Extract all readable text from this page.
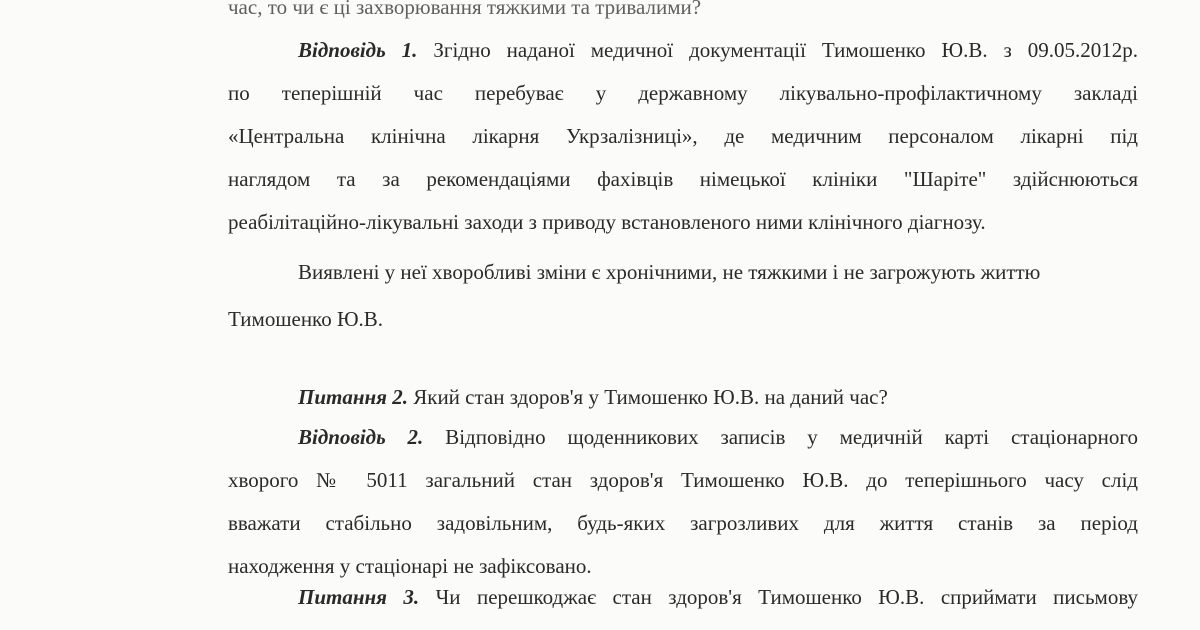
час, то чи є ці захворювання тяжкими та тривалими?
Відповідь 1. Згідно наданої медичної документації Тимошенко Ю.В. з 09.05.2012р.
по теперішній час перебуває у державному лікувально-профілактичному закладі
«Центральна клінічна лікарня Укрзалізниці», де медичним персоналом лікарні під
наглядом та за рекомендаціями фахівців німецької клініки "Шаріте" здійснюються
реабілітаційно-лікувальні заходи з приводу встановленого ними клінічного діагнозу.
Виявлені у неї хворобливі зміни є хронічними, не тяжкими і не загрожують життю
Тимошенко Ю.В.
Питання 2. Який стан здоров'я у Тимошенко Ю.В. на даний час?
Відповідь 2. Відповідно щоденникових записів у медичній карті стаціонарного
хворого № 5011 загальний стан здоров'я Тимошенко Ю.В. до теперішнього часу слід
вважати стабільно задовільним, будь-яких загрозливих для життя станів за період
находження у стаціонарі не зафіксовано.
Питання 3. Чи перешкоджає стан здоров'я Тимошенко Ю.В. сприймати письмову
